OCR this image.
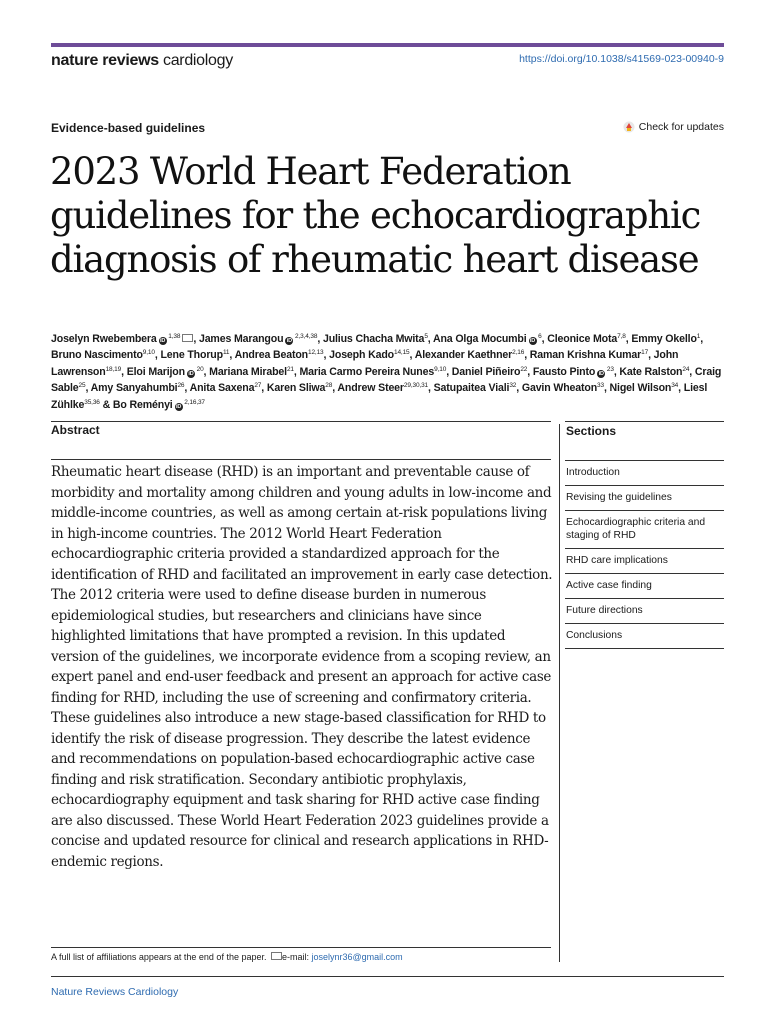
nature reviews cardiology	https://doi.org/10.1038/s41569-023-00940-9
Evidence-based guidelines	Check for updates
2023 World Heart Federation guidelines for the echocardiographic diagnosis of rheumatic heart disease

Joselyn Rwebembera iD $^{1,38}$ , James Marangou iD $^{2,3,4,38}$, Julius Chacha Mwita$^5$, Ana Olga Mocumbi iD $^6$, Cleonice Mota$^{7,8}$, Emmy Okello$^1$, Bruno Nascimento$^{9,10}$, Lene Thorup$^{11}$, Andrea Beaton$^{12,13}$, Joseph Kado$^{14,15}$, Alexander Kaethner$^{2,16}$, Raman Krishna Kumar$^{17}$, John Lawrenson$^{18,19}$, Eloi Marijon iD $^{20}$, Mariana Mirabel$^{21}$, Maria Carmo Pereira Nunes$^{9,10}$, Daniel Piñeiro$^{22}$, Fausto Pinto iD $^{23}$, Kate Ralston$^{24}$, Craig Sable$^{25}$, Amy Sanyahumbi$^{26}$, Anita Saxena$^{27}$, Karen Sliwa$^{28}$, Andrew Steer$^{29,30,31}$, Satupaitea Viali$^{32}$, Gavin Wheaton$^{33}$, Nigel Wilson$^{34}$, Liesl Zühlke$^{35,36}$ & Bo Reményi iD $^{2,16,37}$

Abstract

Rheumatic heart disease (RHD) is an important and preventable cause of morbidity and mortality among children and young adults in low-income and middle-income countries, as well as among certain at-risk populations living in high-income countries. The 2012 World Heart Federation echocardiographic criteria provided a standardized approach for the identification of RHD and facilitated an improvement in early case detection. The 2012 criteria were used to define disease burden in numerous epidemiological studies, but researchers and clinicians have since highlighted limitations that have prompted a revision. In this updated version of the guidelines, we incorporate evidence from a scoping review, an expert panel and end-user feedback and present an approach for active case finding for RHD, including the use of screening and confirmatory criteria. These guidelines also introduce a new stage-based classification for RHD to identify the risk of disease progression. They describe the latest evidence and recommendations on population-based echocardiographic active case finding and risk stratification. Secondary antibiotic prophylaxis, echocardiography equipment and task sharing for RHD active case finding are also discussed. These World Heart Federation 2023 guidelines provide a concise and updated resource for clinical and research applications in RHD-endemic regions.

Sections
Introduction
Revising the guidelines
Echocardiographic criteria and staging of RHD
RHD care implications
Active case finding
Future directions
Conclusions
A full list of affiliations appears at the end of the paper. e-mail: joselynr36@gmail.com
Nature Reviews Cardiology
